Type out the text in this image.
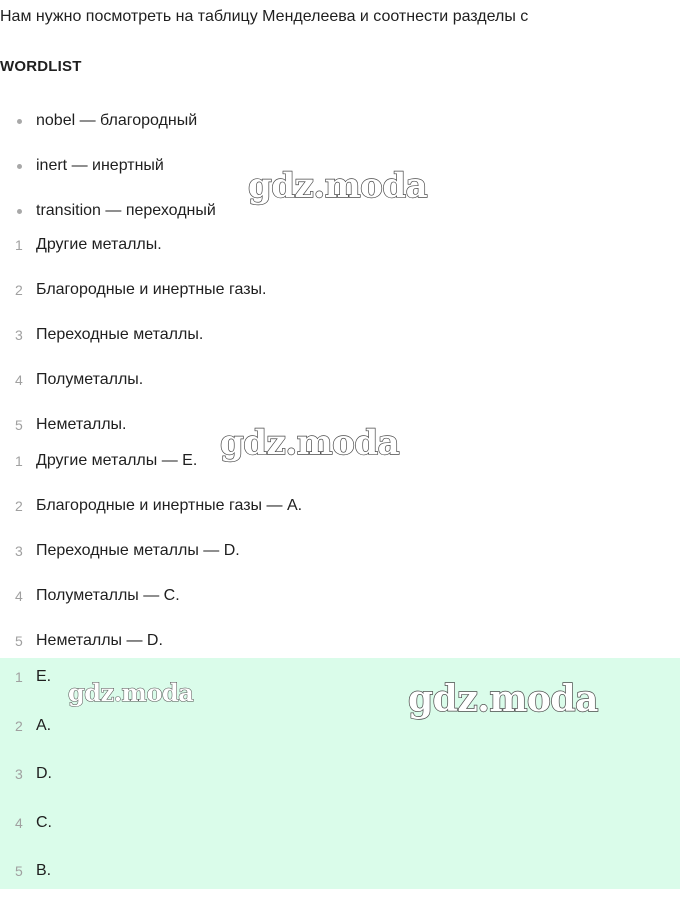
Нам нужно посмотреть на таблицу Менделеева и соотнести разделы с
WORDLIST
nobel — благородный
inert — инертный
transition — переходный
1 Другие металлы.
2 Благородные и инертные газы.
3 Переходные металлы.
4 Полуметаллы.
5 Неметаллы.
1 Другие металлы — E.
2 Благородные и инертные газы — A.
3 Переходные металлы — D.
4 Полуметаллы — C.
5 Неметаллы — D.
1 E.
2 A.
3 D.
4 C.
5 B.
gdz.moda
gdz.moda
gdz.moda	gdz.moda
